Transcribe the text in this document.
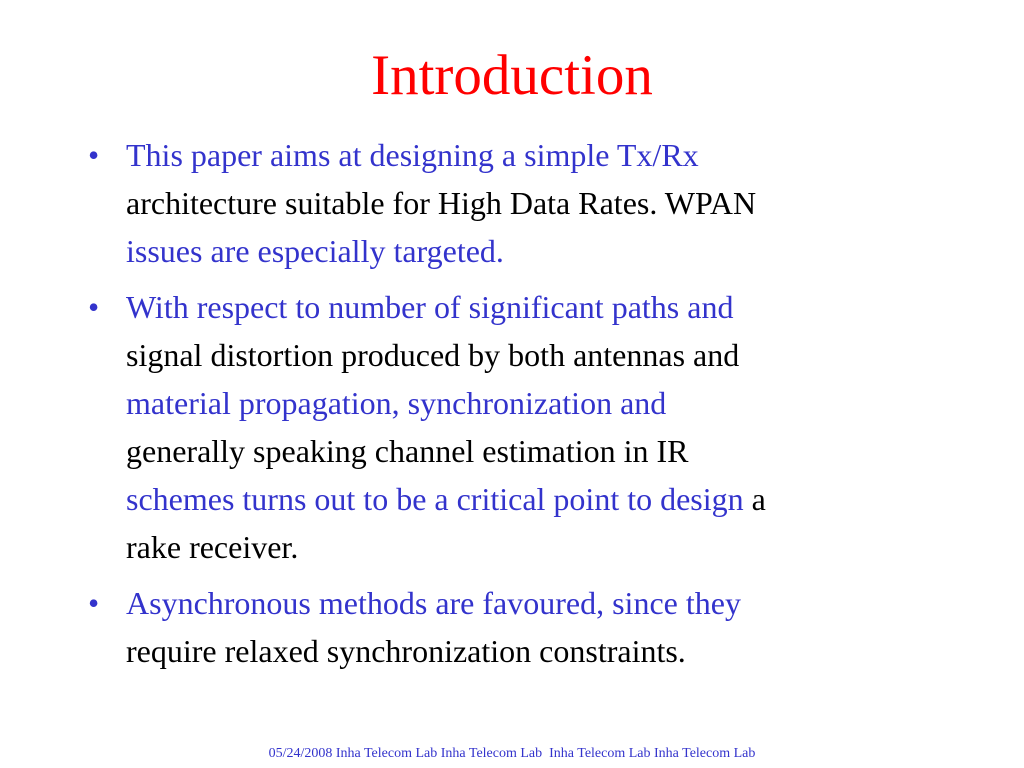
Introduction
• This paper aims at designing a simple Tx/Rx
architecture suitable for High Data Rates. WPAN
issues are especially targeted.
• With respect to number of significant paths and
signal distortion produced by both antennas and
material propagation, synchronization and
generally speaking channel estimation in IR
schemes turns out to be a critical point to design a
rake receiver.
• Asynchronous methods are favoured, since they
require relaxed synchronization constraints.
05/24/2008 Inha Telecom Lab Inha Telecom Lab  Inha Telecom Lab Inha Telecom Lab
